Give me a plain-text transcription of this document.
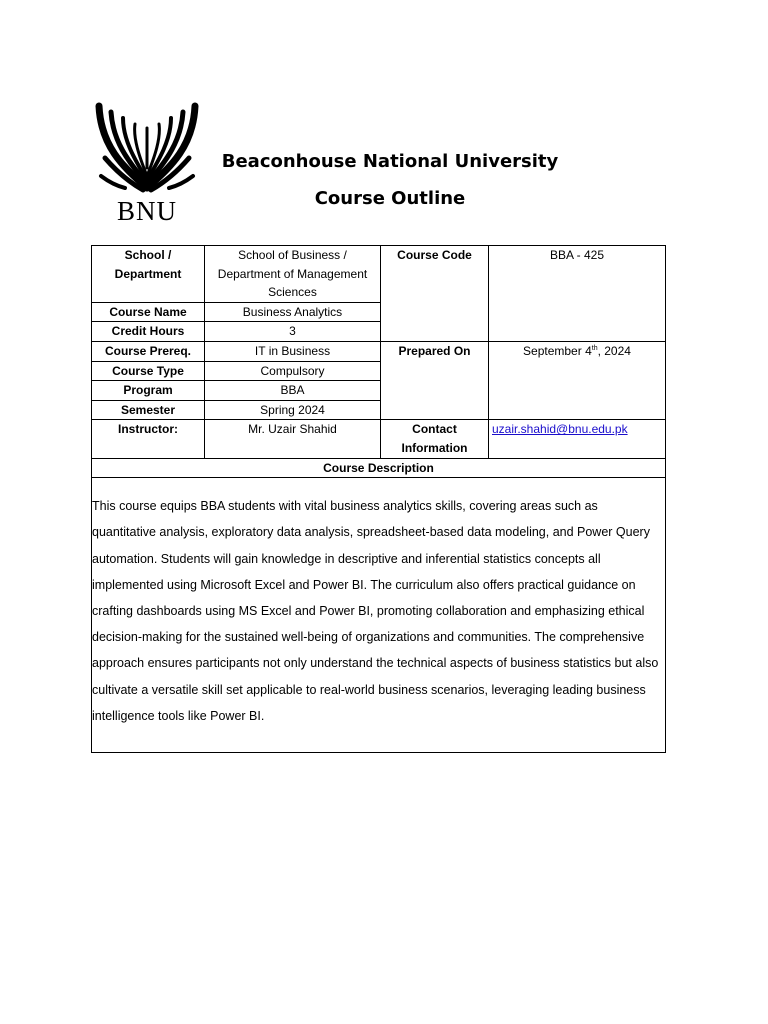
BNU
Beaconhouse National University
Course Outline
School / Department	School of Business / Department of Management Sciences	Course Code	BBA - 425
Course Name	Business Analytics		
Credit Hours	3		
Course Prereq.	IT in Business	Prepared On	September 4th, 2024
Course Type	Compulsory		
Program	BBA		
Semester	Spring 2024		
Instructor:	Mr. Uzair Shahid	Contact Information	uzair.shahid@bnu.edu.pk
Course Description			
This course equips BBA students with vital business analytics skills, covering areas such as quantitative analysis, exploratory data analysis, spreadsheet-based data modeling, and Power Query automation. Students will gain knowledge in descriptive and inferential statistics concepts all implemented using Microsoft Excel and Power BI. The curriculum also offers practical guidance on crafting dashboards using MS Excel and Power BI, promoting collaboration and emphasizing ethical decision-making for the sustained well-being of organizations and communities. The comprehensive approach ensures participants not only understand the technical aspects of business statistics but also cultivate a versatile skill set applicable to real-world business scenarios, leveraging leading business intelligence tools like Power BI.			
